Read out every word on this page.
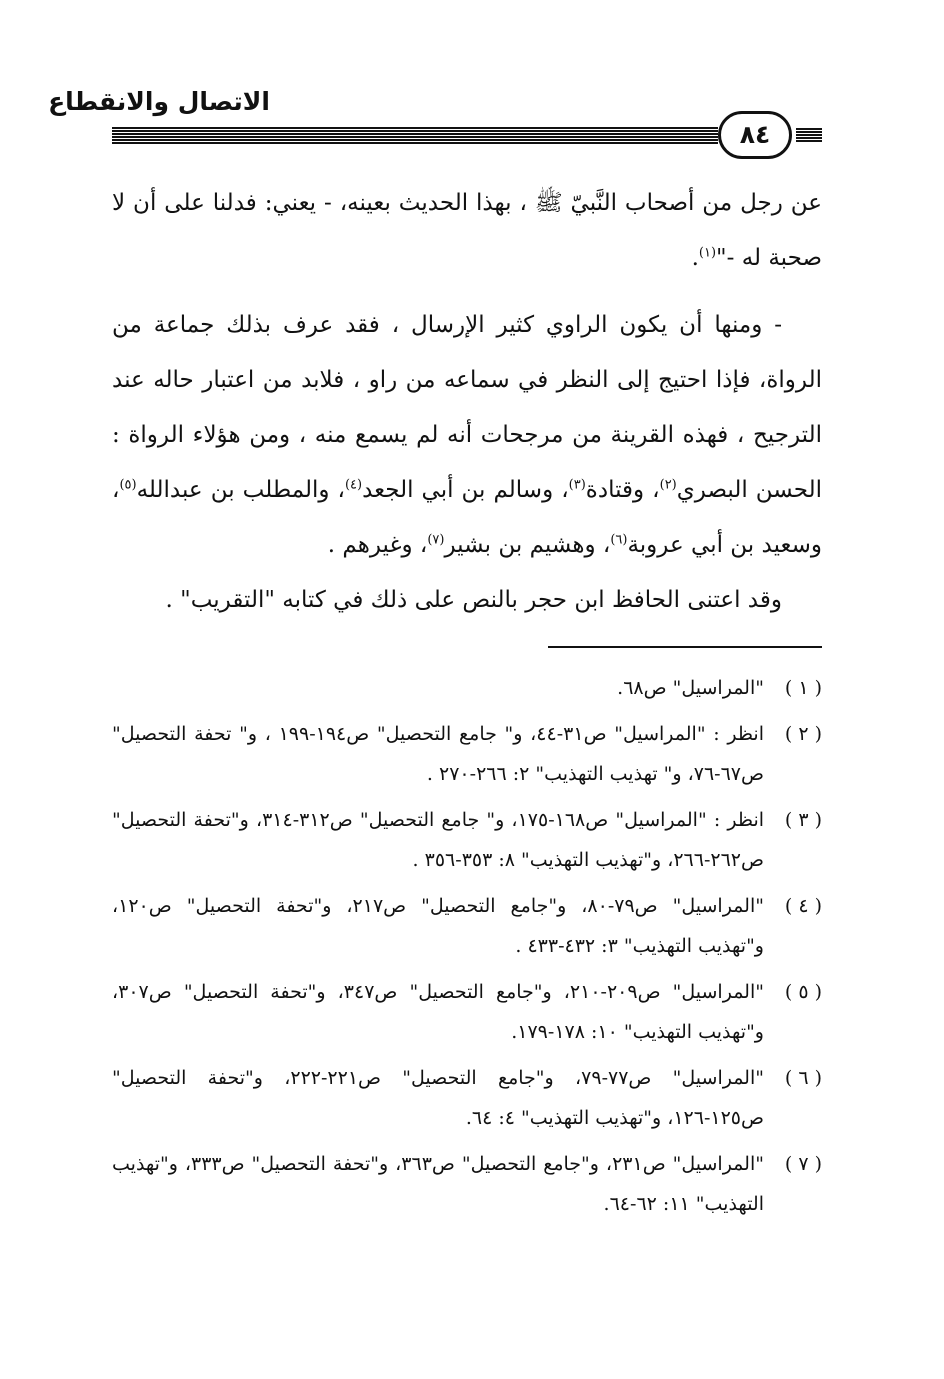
الاتصال والانقطاع
٨٤

عن رجل من أصحاب النَّبيّ ﷺ ، بهذا الحديث بعينه، - يعني: فدلنا على أن لا صحبة له -"$^{(١)}$.

- ومنها أن يكون الراوي كثير الإرسال ، فقد عرف بذلك جماعة من الرواة، فإذا احتيج إلى النظر في سماعه من راو ، فلابد من اعتبار حاله عند الترجيح ، فهذه القرينة من مرجحات أنه لم يسمع منه ، ومن هؤلاء الرواة : الحسن البصري$^{(٢)}$، وقتادة$^{(٣)}$، وسالم بن أبي الجعد$^{(٤)}$، والمطلب بن عبدالله$^{(٥)}$، وسعيد بن أبي عروبة$^{(٦)}$، وهشيم بن بشير$^{(٧)}$، وغيرهم .

وقد اعتنى الحافظ ابن حجر بالنص على ذلك في كتابه "التقريب" .

( ١ )
"المراسيل" ص٦٨.
( ٢ )
انظر : "المراسيل" ص٣١-٤٤، و" جامع التحصيل" ص١٩٤-١٩٩ ، و" تحفة التحصيل" ص٦٧-٧٦، و" تهذيب التهذيب" ٢: ٢٦٦-٢٧٠ .
( ٣ )
انظر : "المراسيل" ص١٦٨-١٧٥، و" جامع التحصيل" ص٣١٢-٣١٤، و"تحفة التحصيل" ص٢٦٢-٢٦٦، و"تهذيب التهذيب" ٨: ٣٥٣-٣٥٦ .
( ٤ )
"المراسيل" ص٧٩-٨٠، و"جامع التحصيل" ص٢١٧، و"تحفة التحصيل" ص١٢٠، و"تهذيب التهذيب" ٣: ٤٣٢-٤٣٣ .
( ٥ )
"المراسيل" ص٢٠٩-٢١٠، و"جامع التحصيل" ص٣٤٧، و"تحفة التحصيل" ص٣٠٧، و"تهذيب التهذيب" ١٠: ١٧٨-١٧٩.
( ٦ )
"المراسيل" ص٧٧-٧٩، و"جامع التحصيل" ص٢٢١-٢٢٢، و"تحفة التحصيل" ص١٢٥-١٢٦، و"تهذيب التهذيب" ٤: ٦٤.
( ٧ )
"المراسيل" ص٢٣١، و"جامع التحصيل" ص٣٦٣، و"تحفة التحصيل" ص٣٣٣، و"تهذيب التهذيب" ١١: ٦٢-٦٤.
